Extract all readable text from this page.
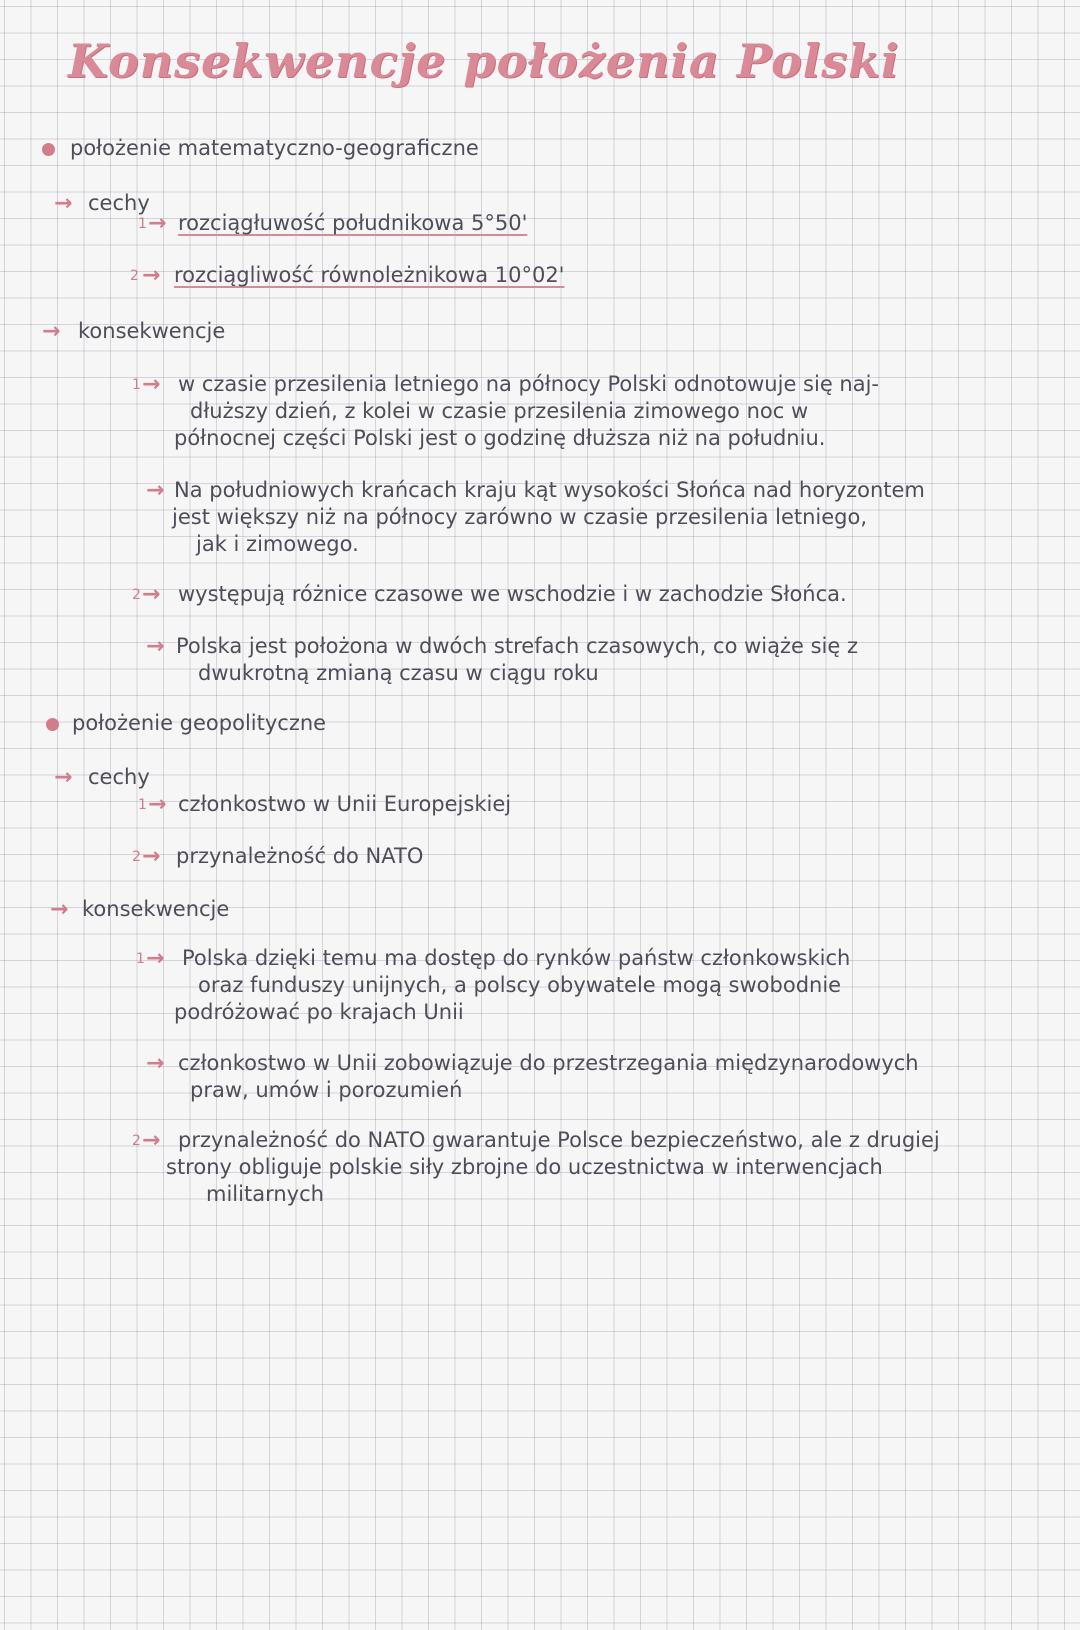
Konsekwencje położenia Polski
położenie matematyczno-geograficzne
→ cechy
1 → rozciągłuwość południkowa 5°50'
2 → rozciągliwość równoleżnikowa 10°02'
→ konsekwencje
1 → w czasie przesilenia letniego na północy Polski odnotowuje się naj-

dłuższy dzień, z kolei w czasie przesilenia zimowego noc w

północnej części Polski jest o godzinę dłuższa niż na południu.

→ Na południowych krańcach kraju kąt wysokości Słońca nad horyzontem

jest większy niż na północy zarówno w czasie przesilenia letniego,

jak i zimowego.

2 → występują różnice czasowe we wschodzie i w zachodzie Słońca.
→ Polska jest położona w dwóch strefach czasowych, co wiąże się z

dwukrotną zmianą czasu w ciągu roku

położenie geopolityczne
→ cechy
1 → członkostwo w Unii Europejskiej
2 → przynależność do NATO
→ konsekwencje
1 → Polska dzięki temu ma dostęp do rynków państw członkowskich

oraz funduszy unijnych, a polscy obywatele mogą swobodnie

podróżować po krajach Unii

→ członkostwo w Unii zobowiązuje do przestrzegania międzynarodowych

praw, umów i porozumień

2 → przynależność do NATO gwarantuje Polsce bezpieczeństwo, ale z drugiej

strony obliguje polskie siły zbrojne do uczestnictwa w interwencjach

militarnych
